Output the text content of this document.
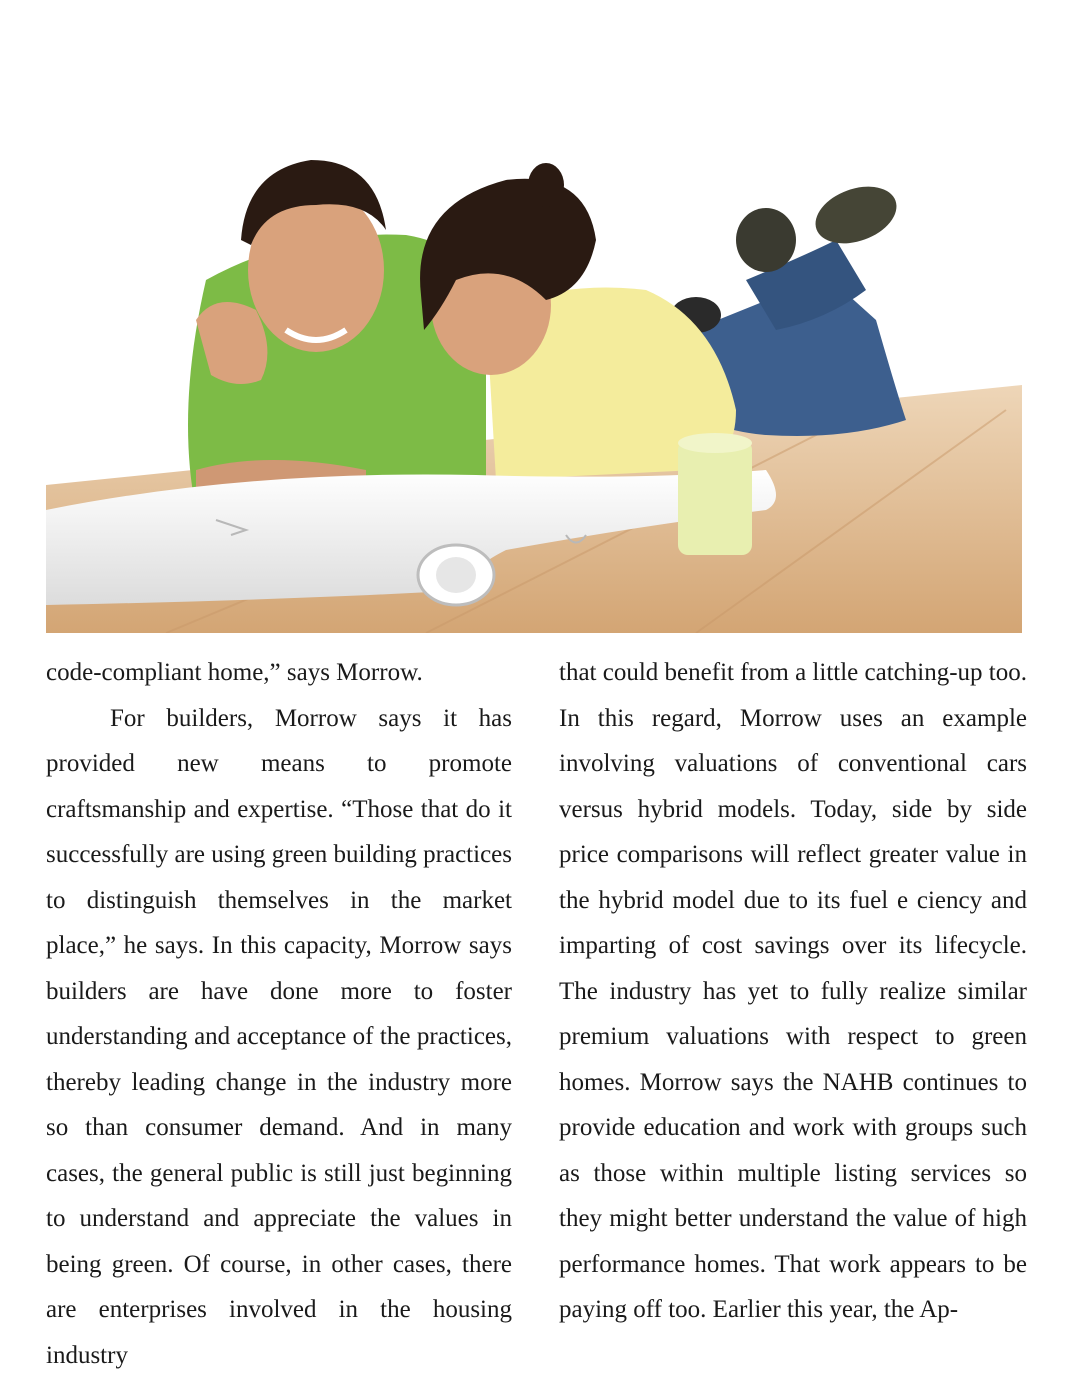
code-compliant home,” says Morrow.

For builders, Morrow says it has provided new means to promote craftsmanship and expertise. “Those that do it successfully are using green building practices to distinguish themselves in the market place,” he says. In this capacity, Morrow says builders are have done more to foster understanding and acceptance of the practices, thereby leading change in the industry more so than consumer demand. And in many cases, the general public is still just beginning to understand and appreciate the values in being green. Of course, in other cases, there are enterprises involved in the housing industry

that could benefit from a little catching-up too. In this regard, Morrow uses an example involving valuations of conventional cars versus hybrid models. Today, side by side price comparisons will reflect greater value in the hybrid model due to its fuel e ciency and imparting of cost savings over its lifecycle. The industry has yet to fully realize similar premium valuations with respect to green homes. Morrow says the NAHB continues to provide education and work with groups such as those within multiple listing services so they might better understand the value of high performance homes. That work appears to be paying off too. Earlier this year, the Ap-
